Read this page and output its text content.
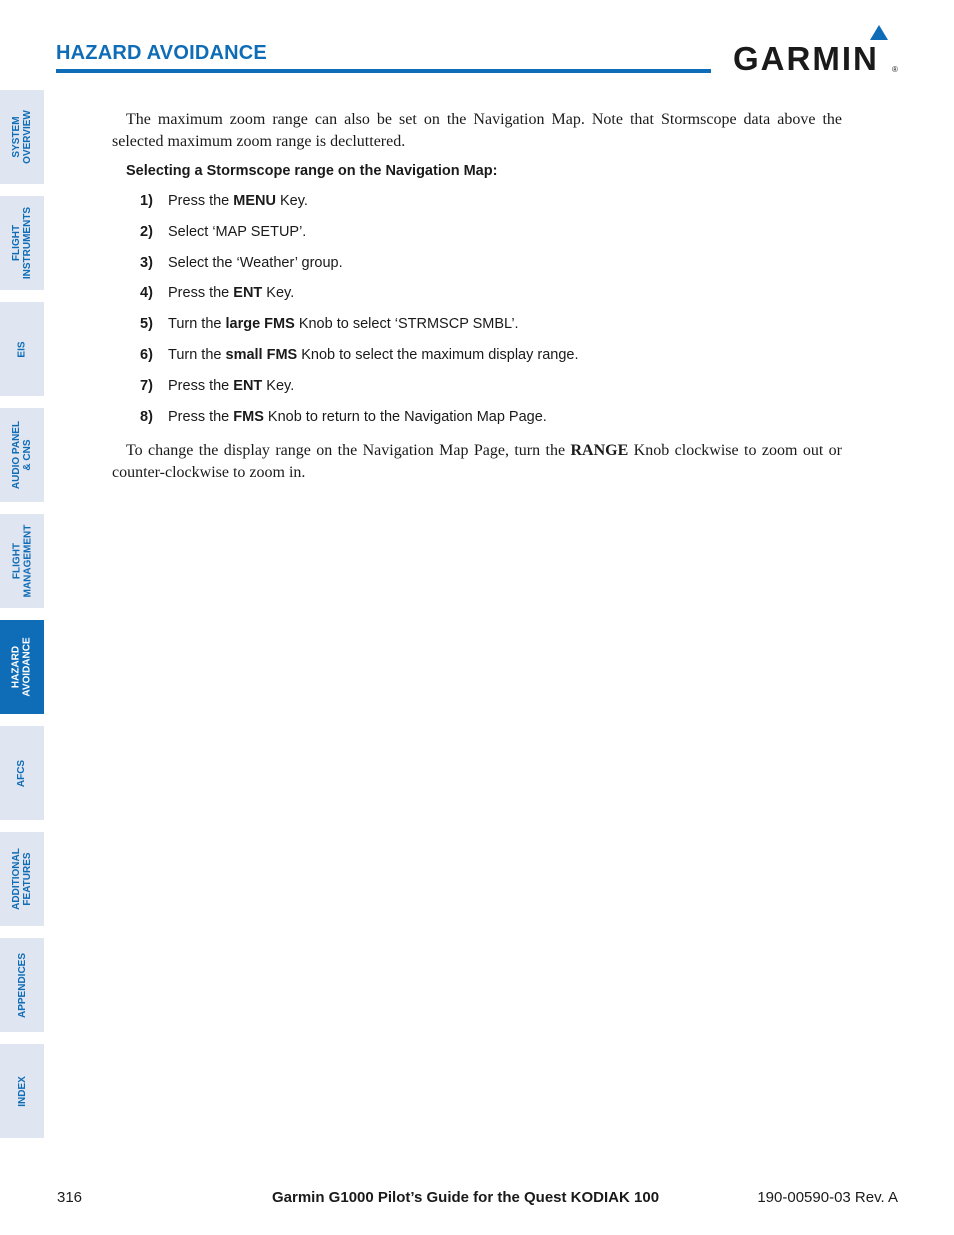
HAZARD AVOIDANCE	GARMIN ®
SYSTEM
OVERVIEW
FLIGHT
INSTRUMENTS
EIS
AUDIO PANEL
& CNS
FLIGHT
MANAGEMENT
HAZARD
AVOIDANCE
AFCS
ADDITIONAL
FEATURES
APPENDICES
INDEX
The maximum zoom range can also be set on the Navigation Map. Note that Stormscope data above the selected maximum zoom range is decluttered.
Selecting a Stormscope range on the Navigation Map:
1) Press the MENU Key.
2) Select ‘MAP SETUP’.
3) Select the ‘Weather’ group.
4) Press the ENT Key.
5) Turn the large FMS Knob to select ‘STRMSCP SMBL’.
6) Turn the small FMS Knob to select the maximum display range.
7) Press the ENT Key.
8) Press the FMS Knob to return to the Navigation Map Page.
To change the display range on the Navigation Map Page, turn the RANGE Knob clockwise to zoom out or counter-clockwise to zoom in.
316	Garmin G1000 Pilot’s Guide for the Quest KODIAK 100	190-00590-03 Rev. A
